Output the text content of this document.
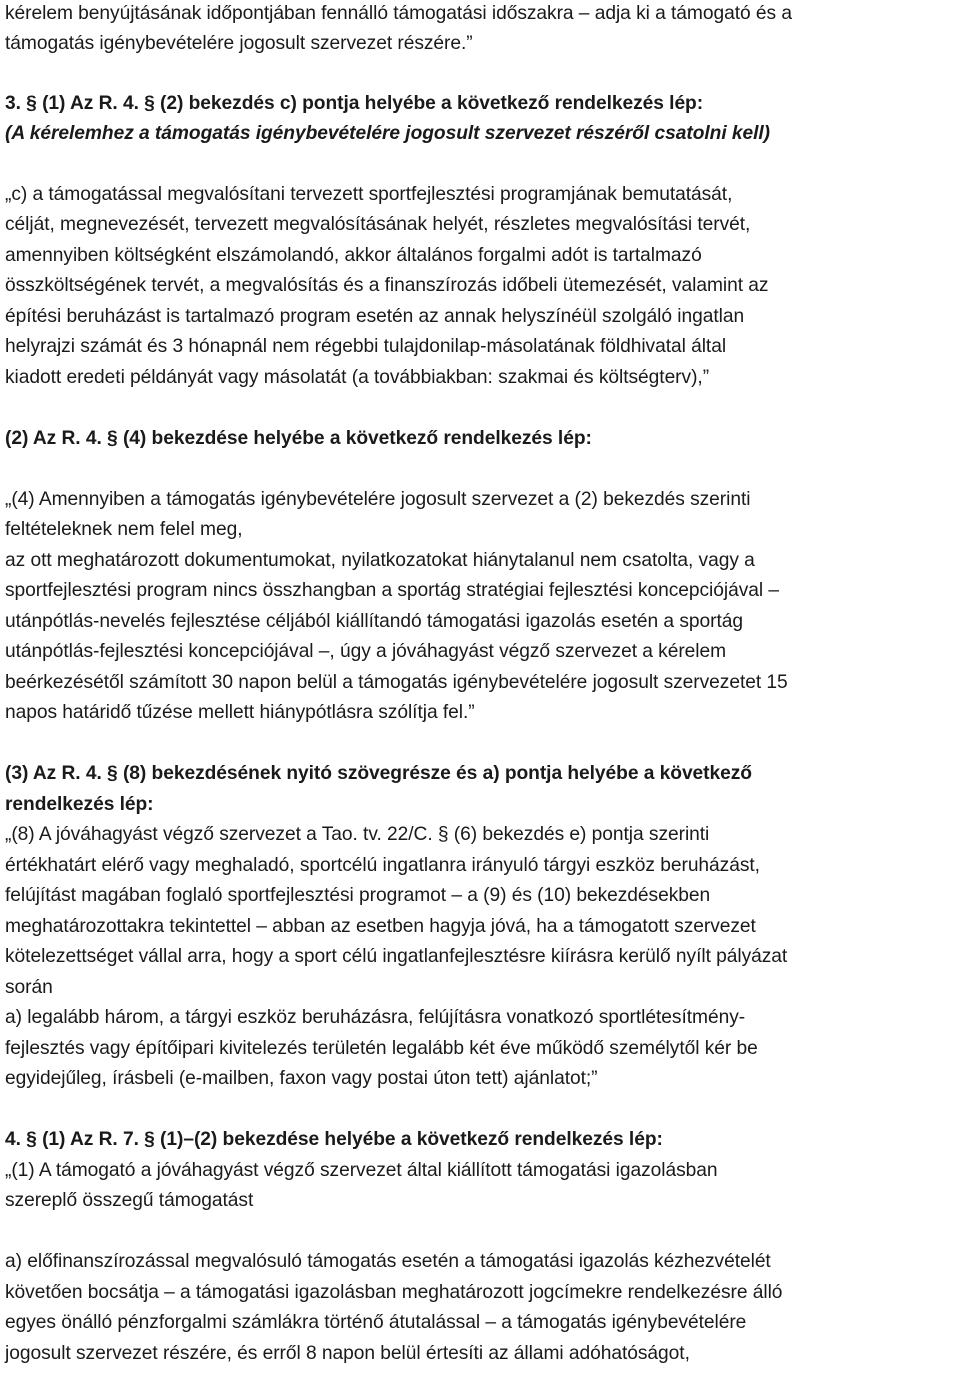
kérelem benyújtásának időpontjában fennálló támogatási időszakra – adja ki a támogató és a
támogatás igénybevételére jogosult szervezet részére.”
3. § (1) Az R. 4. § (2) bekezdés c) pontja helyébe a következő rendelkezés lép:
(A kérelemhez a támogatás igénybevételére jogosult szervezet részéről csatolni kell)
„c) a támogatással megvalósítani tervezett sportfejlesztési programjának bemutatását,
célját, megnevezését, tervezett megvalósításának helyét, részletes megvalósítási tervét,
amennyiben költségként elszámolandó, akkor általános forgalmi adót is tartalmazó
összköltségének tervét, a megvalósítás és a finanszírozás időbeli ütemezését, valamint az
építési beruházást is tartalmazó program esetén az annak helyszínéül szolgáló ingatlan
helyrajzi számát és 3 hónapnál nem régebbi tulajdonilap-másolatának földhivatal által
kiadott eredeti példányát vagy másolatát (a továbbiakban: szakmai és költségterv),”
(2) Az R. 4. § (4) bekezdése helyébe a következő rendelkezés lép:
„(4) Amennyiben a támogatás igénybevételére jogosult szervezet a (2) bekezdés szerinti
feltételeknek nem felel meg,
az ott meghatározott dokumentumokat, nyilatkozatokat hiánytalanul nem csatolta, vagy a
sportfejlesztési program nincs összhangban a sportág stratégiai fejlesztési koncepciójával –
utánpótlás-nevelés fejlesztése céljából kiállítandó támogatási igazolás esetén a sportág
utánpótlás-fejlesztési koncepciójával –, úgy a jóváhagyást végző szervezet a kérelem
beérkezésétől számított 30 napon belül a támogatás igénybevételére jogosult szervezetet 15
napos határidő tűzése mellett hiánypótlásra szólítja fel.”
(3) Az R. 4. § (8) bekezdésének nyitó szövegrésze és a) pontja helyébe a következő
rendelkezés lép:
„(8) A jóváhagyást végző szervezet a Tao. tv. 22/C. § (6) bekezdés e) pontja szerinti
értékhatárt elérő vagy meghaladó, sportcélú ingatlanra irányuló tárgyi eszköz beruházást,
felújítást magában foglaló sportfejlesztési programot – a (9) és (10) bekezdésekben
meghatározottakra tekintettel – abban az esetben hagyja jóvá, ha a támogatott szervezet
kötelezettséget vállal arra, hogy a sport célú ingatlanfejlesztésre kiírásra kerülő nyílt pályázat
során
a) legalább három, a tárgyi eszköz beruházásra, felújításra vonatkozó sportlétesítmény-
fejlesztés vagy építőipari kivitelezés területén legalább két éve működő személytől kér be
egyidejűleg, írásbeli (e-mailben, faxon vagy postai úton tett) ajánlatot;”
4. § (1) Az R. 7. § (1)–(2) bekezdése helyébe a következő rendelkezés lép:
„(1) A támogató a jóváhagyást végző szervezet által kiállított támogatási igazolásban
szereplő összegű támogatást
a) előfinanszírozással megvalósuló támogatás esetén a támogatási igazolás kézhezvételét
követően bocsátja – a támogatási igazolásban meghatározott jogcímekre rendelkezésre álló
egyes önálló pénzforgalmi számlákra történő átutalással – a támogatás igénybevételére
jogosult szervezet részére, és erről 8 napon belül értesíti az állami adóhatóságot,
